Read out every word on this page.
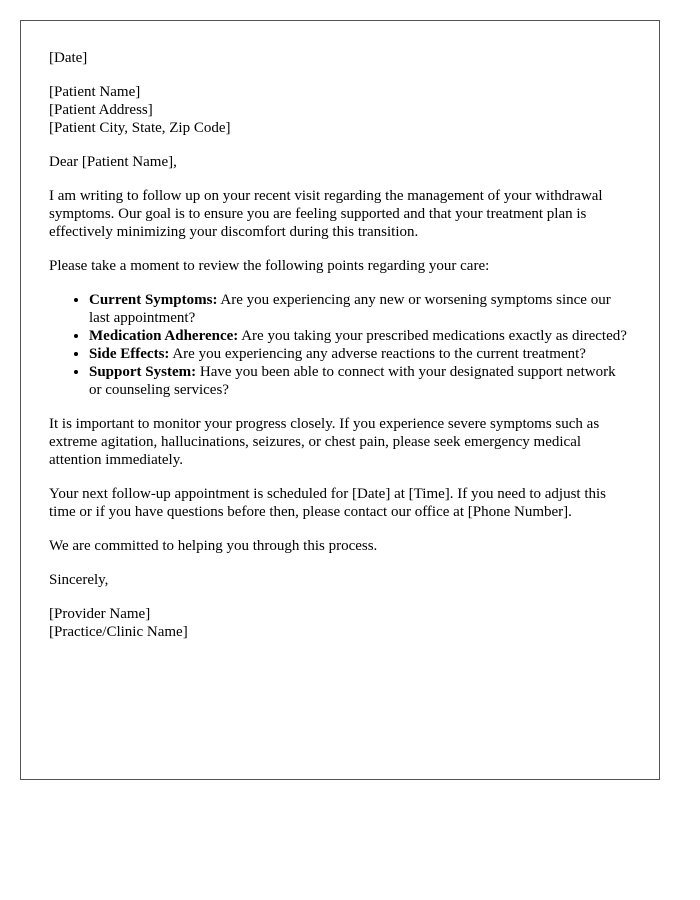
[Date]

[Patient Name]
[Patient Address]
[Patient City, State, Zip Code]

Dear [Patient Name],

I am writing to follow up on your recent visit regarding the management of your withdrawal symptoms. Our goal is to ensure you are feeling supported and that your treatment plan is effectively minimizing your discomfort during this transition.

Please take a moment to review the following points regarding your care:

• Current Symptoms: Are you experiencing any new or worsening symptoms since our last appointment?
• Medication Adherence: Are you taking your prescribed medications exactly as directed?
• Side Effects: Are you experiencing any adverse reactions to the current treatment?
• Support System: Have you been able to connect with your designated support network or counseling services?

It is important to monitor your progress closely. If you experience severe symptoms such as extreme agitation, hallucinations, seizures, or chest pain, please seek emergency medical attention immediately.

Your next follow-up appointment is scheduled for [Date] at [Time]. If you need to adjust this time or if you have questions before then, please contact our office at [Phone Number].

We are committed to helping you through this process.

Sincerely,

[Provider Name]
[Practice/Clinic Name]
